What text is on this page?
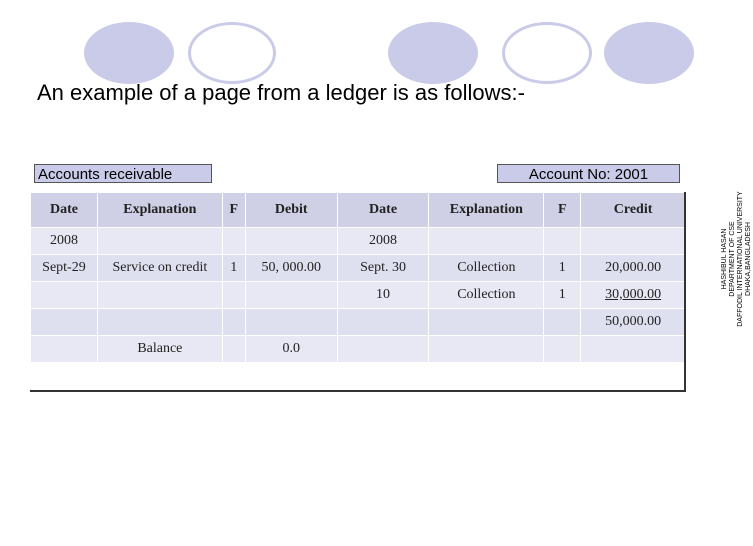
An example of a page from a ledger is as follows:-
Accounts receivable	Account No: 2001
Date	Explanation	F	Debit	Date	Explanation	F	Credit
2008				2008			
Sept-29	Service on credit	1	50, 000.00	Sept. 30	Collection	1	20,000.00
				10	Collection	1	30,000.00
							50,000.00
	Balance		0.0				
HASHIBUL HASAN DEPARTMENT OF CSE DAFFODIL INTERNATIONAL UNIVERSITY DHAKA,BANGLADESH
